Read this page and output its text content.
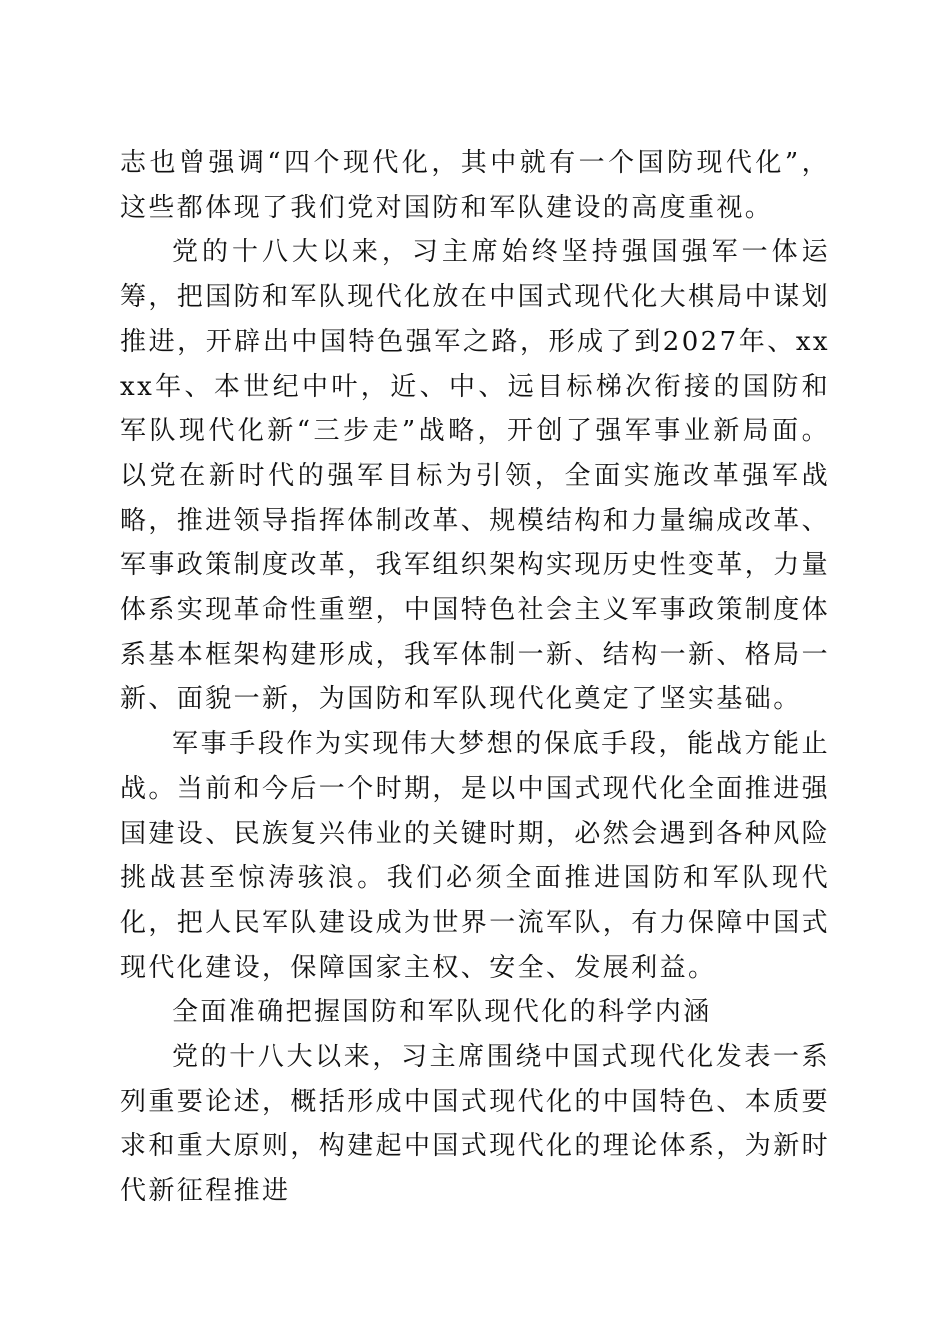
志也曾强调“四个现代化，其中就有一个国防现代化”，这些都体现了我们党对国防和军队建设的高度重视。

党的十八大以来，习主席始终坚持强国强军一体运筹，把国防和军队现代化放在中国式现代化大棋局中谋划推进，开辟出中国特色强军之路，形成了到2027年、xxxx年、本世纪中叶，近、中、远目标梯次衔接的国防和军队现代化新“三步走”战略，开创了强军事业新局面。以党在新时代的强军目标为引领，全面实施改革强军战略，推进领导指挥体制改革、规模结构和力量编成改革、军事政策制度改革，我军组织架构实现历史性变革，力量体系实现革命性重塑，中国特色社会主义军事政策制度体系基本框架构建形成，我军体制一新、结构一新、格局一新、面貌一新，为国防和军队现代化奠定了坚实基础。

军事手段作为实现伟大梦想的保底手段，能战方能止战。当前和今后一个时期，是以中国式现代化全面推进强国建设、民族复兴伟业的关键时期，必然会遇到各种风险挑战甚至惊涛骇浪。我们必须全面推进国防和军队现代化，把人民军队建设成为世界一流军队，有力保障中国式现代化建设，保障国家主权、安全、发展利益。

全面准确把握国防和军队现代化的科学内涵

党的十八大以来，习主席围绕中国式现代化发表一系列重要论述，概括形成中国式现代化的中国特色、本质要求和重大原则，构建起中国式现代化的理论体系，为新时代新征程推进
